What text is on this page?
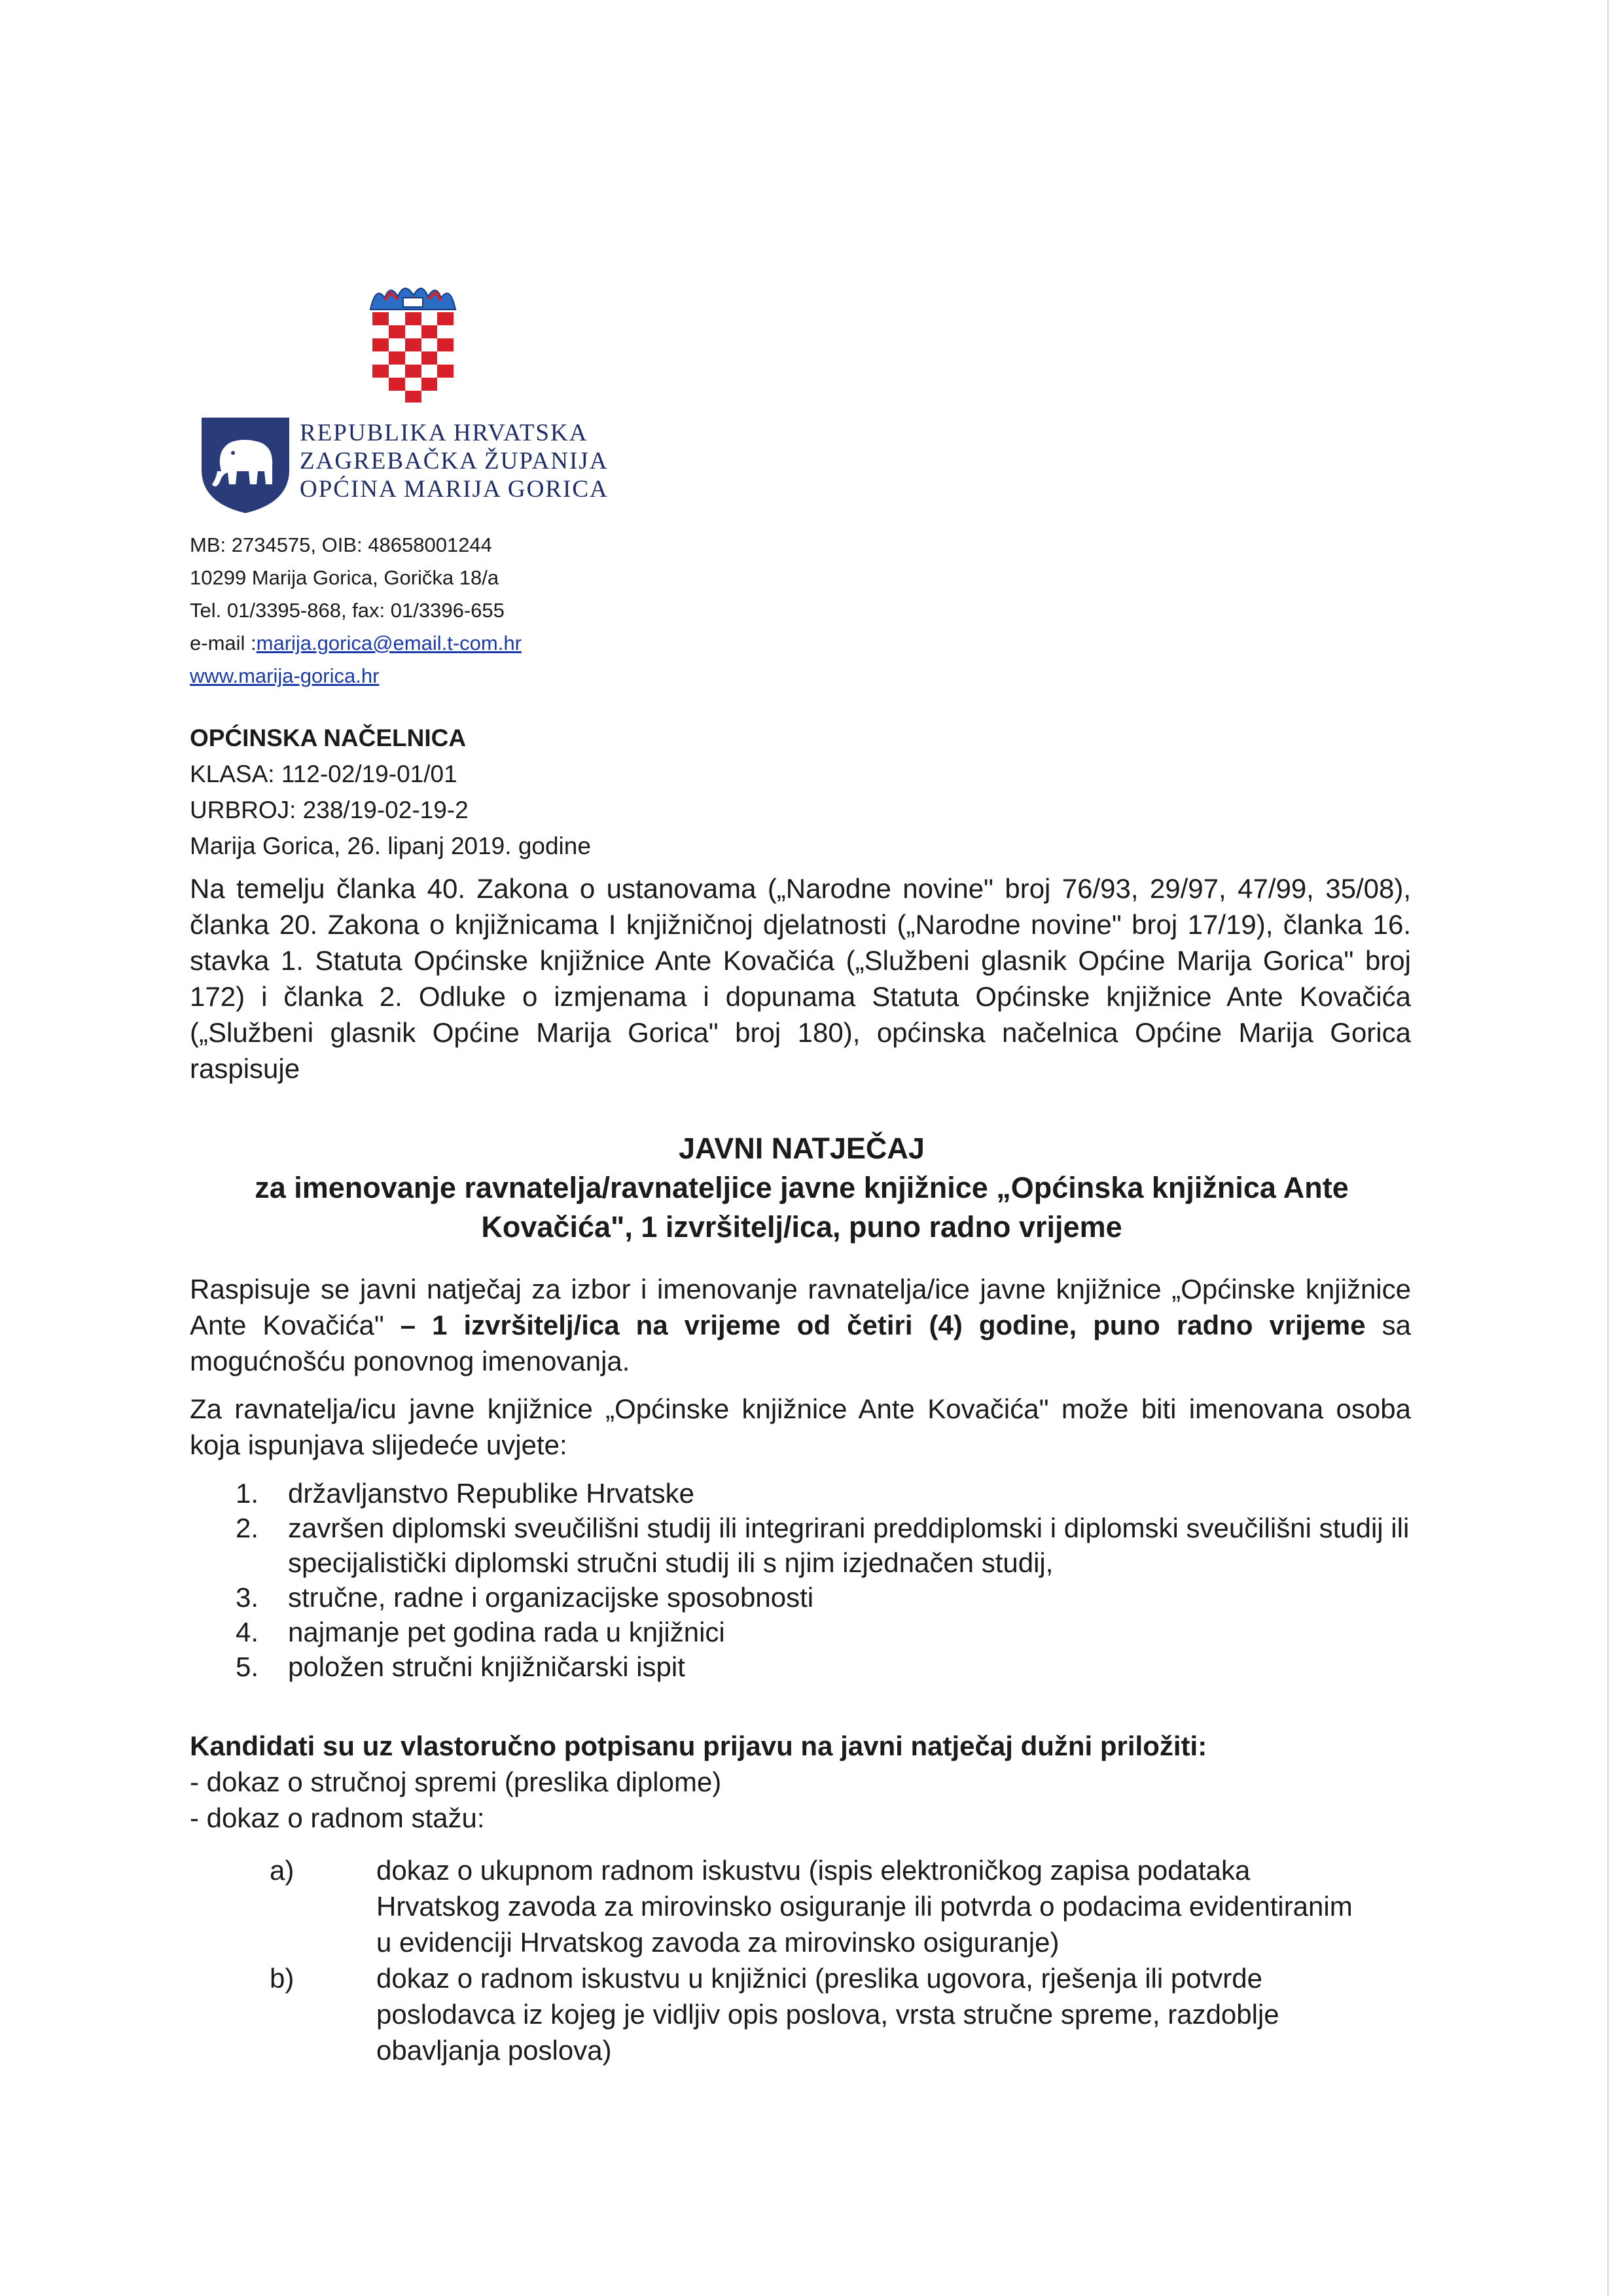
REPUBLIKA HRVATSKA
ZAGREBAČKA ŽUPANIJA
OPĆINA MARIJA GORICA
MB: 2734575, OIB: 48658001244
10299 Marija Gorica, Gorička 18/a
Tel. 01/3395-868, fax: 01/3396-655
e-mail :marija.gorica@email.t-com.hr
www.marija-gorica.hr
OPĆINSKA NAČELNICA
KLASA: 112-02/19-01/01
URBROJ: 238/19-02-19-2
Marija Gorica, 26. lipanj 2019. godine
Na temelju članka 40. Zakona o ustanovama („Narodne novine" broj 76/93, 29/97, 47/99, 35/08), članka 20. Zakona o knjižnicama I knjižničnoj djelatnosti („Narodne novine" broj 17/19), članka 16. stavka 1. Statuta Općinske knjižnice Ante Kovačića („Službeni glasnik Općine Marija Gorica" broj 172) i članka 2. Odluke o izmjenama i dopunama Statuta Općinske knjižnice Ante Kovačića („Službeni glasnik Općine Marija Gorica" broj 180), općinska načelnica Općine Marija Gorica raspisuje
JAVNI NATJEČAJ
za imenovanje ravnatelja/ravnateljice javne knjižnice „Općinska knjižnica Ante
Kovačića", 1 izvršitelj/ica, puno radno vrijeme
Raspisuje se javni natječaj za izbor i imenovanje ravnatelja/ice javne knjižnice „Općinske knjižnice Ante Kovačića" – 1 izvršitelj/ica na vrijeme od četiri (4) godine, puno radno vrijeme sa mogućnošću ponovnog imenovanja.
Za ravnatelja/icu javne knjižnice „Općinske knjižnice Ante Kovačića" može biti imenovana osoba koja ispunjava slijedeće uvjete:
1.	državljanstvo Republike Hrvatske
2.	završen diplomski sveučilišni studij ili integrirani preddiplomski i diplomski sveučilišni studij ili specijalistički diplomski stručni studij ili s njim izjednačen studij,
3.	stručne, radne i organizacijske sposobnosti
4.	najmanje pet godina rada u knjižnici
5.	položen stručni knjižničarski ispit
Kandidati su uz vlastoručno potpisanu prijavu na javni natječaj dužni priložiti:
- dokaz o stručnoj spremi (preslika diplome)
- dokaz o radnom stažu:
a)	dokaz o ukupnom radnom iskustvu (ispis elektroničkog zapisa podataka Hrvatskog zavoda za mirovinsko osiguranje ili potvrda o podacima evidentiranim u evidenciji Hrvatskog zavoda za mirovinsko osiguranje)
b)	dokaz o radnom iskustvu u knjižnici (preslika ugovora, rješenja ili potvrde poslodavca iz kojeg je vidljiv opis poslova, vrsta stručne spreme, razdoblje obavljanja poslova)
